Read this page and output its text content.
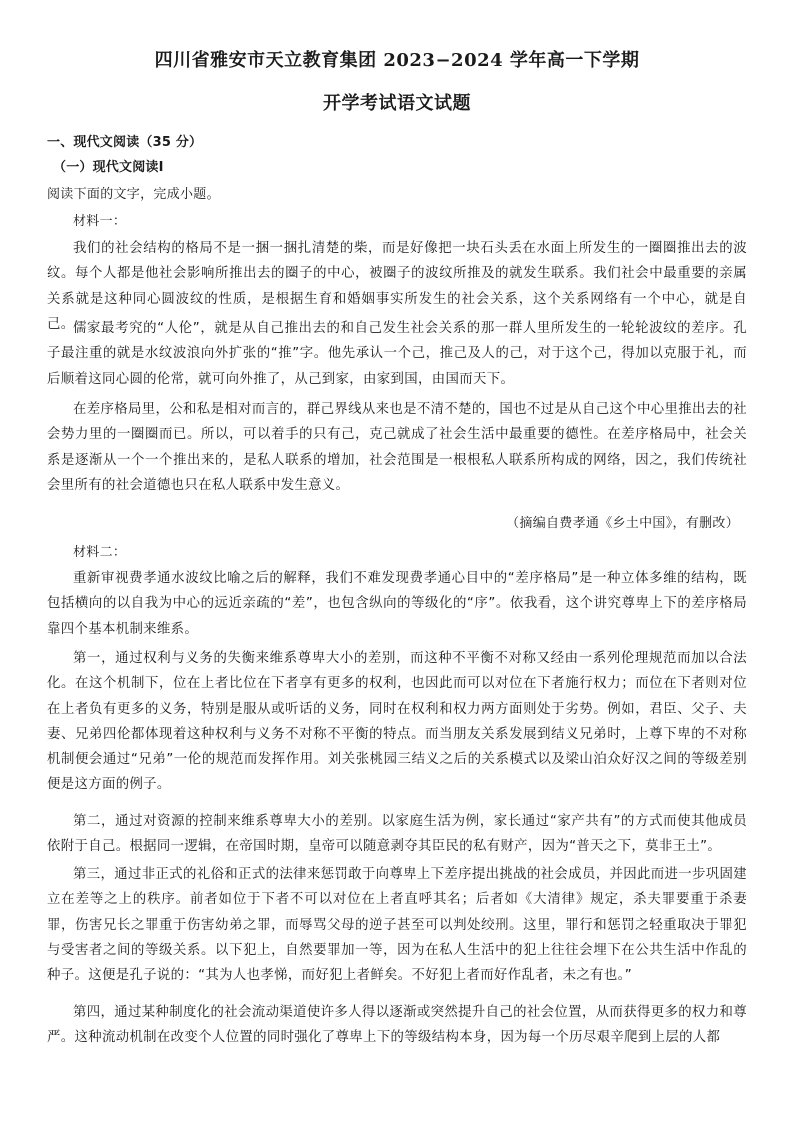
四川省雅安市天立教育集团 2023−2024 学年高一下学期
开学考试语文试题
一、现代文阅读（35 分）
（一）现代文阅读Ⅰ
阅读下面的文字，完成小题。
材料一：

我们的社会结构的格局不是一捆一捆扎清楚的柴，而是好像把一块石头丢在水面上所发生的一圈圈推出去的波纹。每个人都是他社会影响所推出去的圈子的中心，被圈子的波纹所推及的就发生联系。我们社会中最重要的亲属关系就是这种同心圆波纹的性质，是根据生育和婚姻事实所发生的社会关系，这个关系网络有一个中心，就是自己。

儒家最考究的“人伦”，就是从自己推出去的和自己发生社会关系的那一群人里所发生的一轮轮波纹的差序。孔子最注重的就是水纹波浪向外扩张的“推”字。他先承认一个己，推己及人的己，对于这个己，得加以克服于礼，而后顺着这同心圆的伦常，就可向外推了，从己到家，由家到国，由国而天下。

在差序格局里，公和私是相对而言的，群己界线从来也是不清不楚的，国也不过是从自己这个中心里推出去的社会势力里的一圈圈而已。所以，可以着手的只有己，克己就成了社会生活中最重要的德性。在差序格局中，社会关系是逐渐从一个一个推出来的，是私人联系的增加，社会范围是一根根私人联系所构成的网络，因之，我们传统社会里所有的社会道德也只在私人联系中发生意义。

（摘编自费孝通《乡土中国》，有删改）
材料二：

重新审视费孝通水波纹比喻之后的解释，我们不难发现费孝通心目中的“差序格局”是一种立体多维的结构，既包括横向的以自我为中心的远近亲疏的“差”，也包含纵向的等级化的“序”。依我看，这个讲究尊卑上下的差序格局靠四个基本机制来维系。

第一，通过权利与义务的失衡来维系尊卑大小的差别，而这种不平衡不对称又经由一系列伦理规范而加以合法化。在这个机制下，位在上者比位在下者享有更多的权利，也因此而可以对位在下者施行权力；而位在下者则对位在上者负有更多的义务，特别是服从或听话的义务，同时在权利和权力两方面则处于劣势。例如，君臣、父子、夫妻、兄弟四伦都体现着这种权利与义务不对称不平衡的特点。而当朋友关系发展到结义兄弟时，上尊下卑的不对称机制便会通过“兄弟”一伦的规范而发挥作用。刘关张桃园三结义之后的关系模式以及梁山泊众好汉之间的等级差别便是这方面的例子。

第二，通过对资源的控制来维系尊卑大小的差别。以家庭生活为例，家长通过“家产共有”的方式而使其他成员依附于自己。根据同一逻辑，在帝国时期，皇帝可以随意剥夺其臣民的私有财产，因为“普天之下，莫非王土”。

第三，通过非正式的礼俗和正式的法律来惩罚敢于向尊卑上下差序提出挑战的社会成员，并因此而进一步巩固建立在差等之上的秩序。前者如位于下者不可以对位在上者直呼其名；后者如《大清律》规定，杀夫罪要重于杀妻罪，伤害兄长之罪重于伤害幼弟之罪，而辱骂父母的逆子甚至可以判处绞刑。这里，罪行和惩罚之轻重取决于罪犯与受害者之间的等级关系。以下犯上，自然要罪加一等，因为在私人生活中的犯上往往会埋下在公共生活中作乱的种子。这便是孔子说的：“其为人也孝悌，而好犯上者鲜矣。不好犯上者而好作乱者，未之有也。”

第四，通过某种制度化的社会流动渠道使许多人得以逐渐或突然提升自己的社会位置，从而获得更多的权力和尊严。这种流动机制在改变个人位置的同时强化了尊卑上下的等级结构本身，因为每一个历尽艰辛爬到上层的人都
